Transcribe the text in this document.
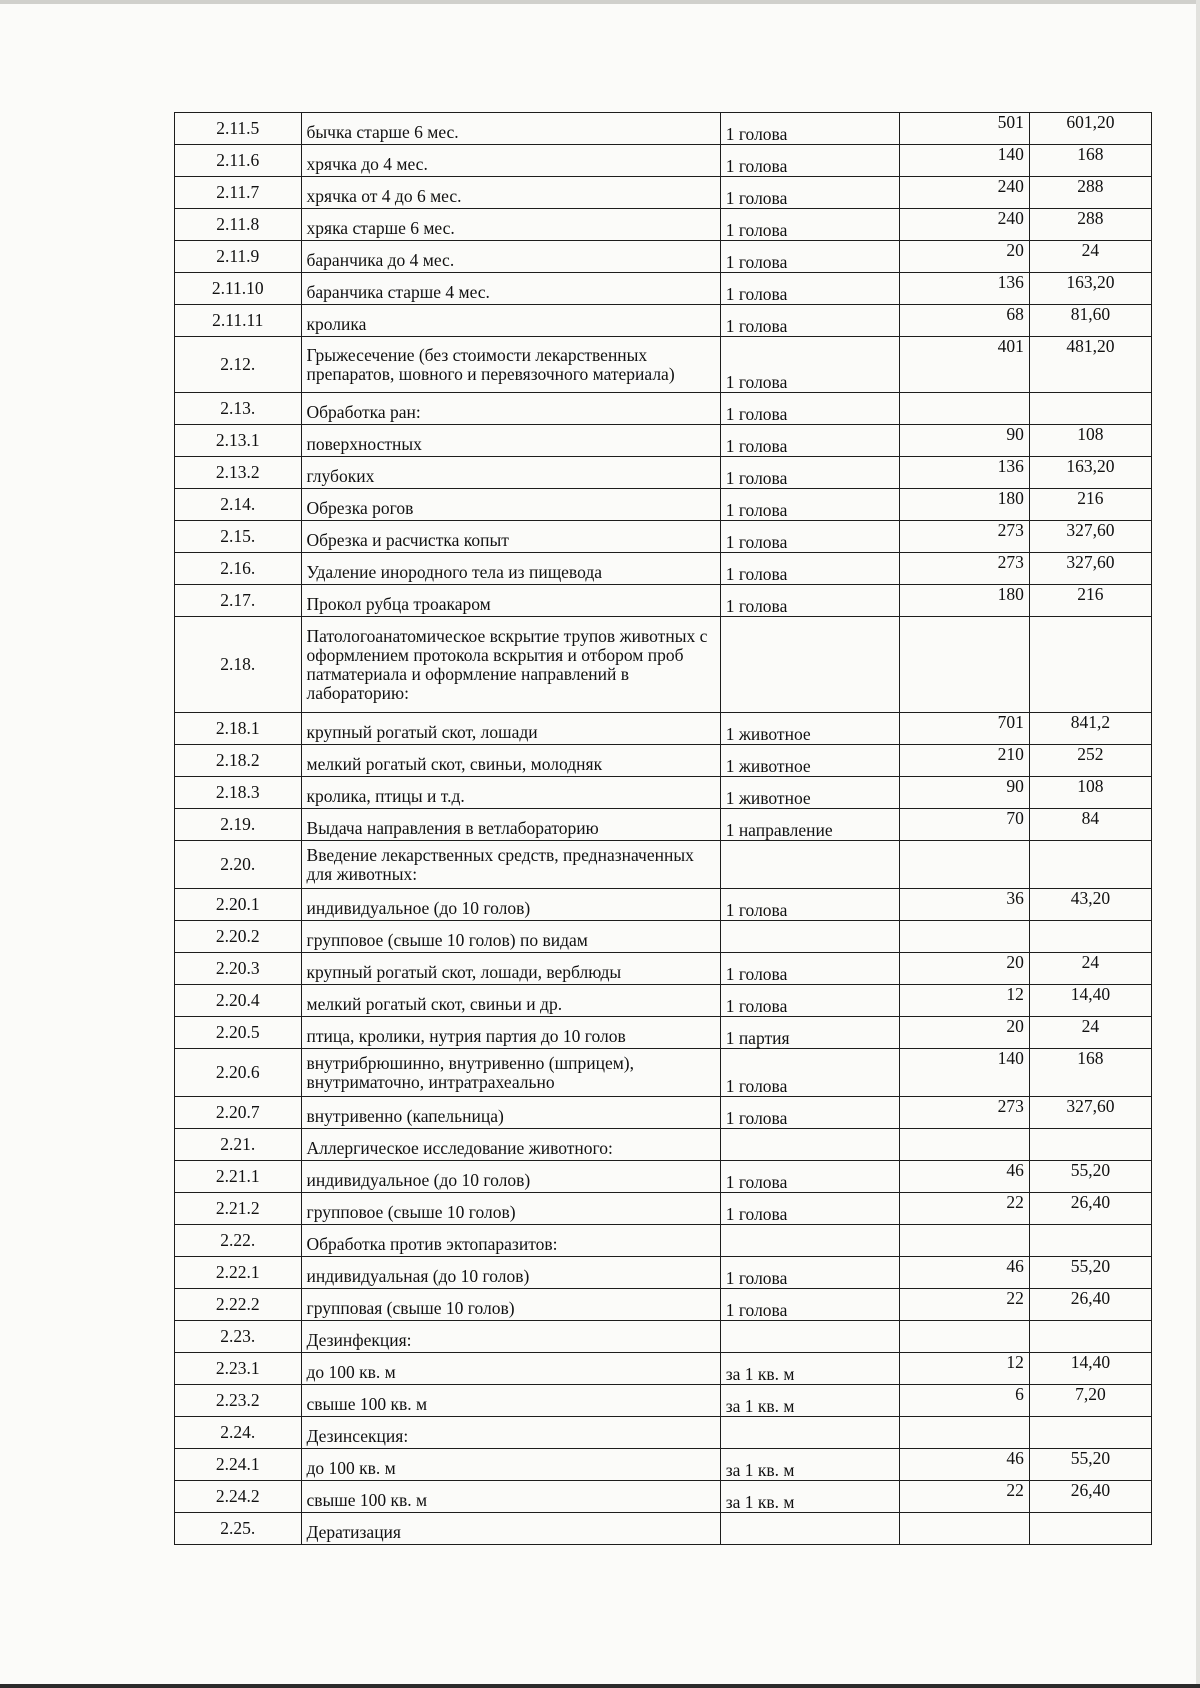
2.11.5	бычка старше 6 мес.	1 голова	501	601,20
2.11.6	хрячка до 4 мес.	1 голова	140	168
2.11.7	хрячка от 4 до 6 мес.	1 голова	240	288
2.11.8	хряка старше 6 мес.	1 голова	240	288
2.11.9	баранчика до 4 мес.	1 голова	20	24
2.11.10	баранчика старше 4 мес.	1 голова	136	163,20
2.11.11	кролика	1 голова	68	81,60
2.12.	Грыжесечение (без стоимости лекарственных препаратов, шовного и перевязочного материала)	1 голова	401	481,20
2.13.	Обработка ран:	1 голова		
2.13.1	поверхностных	1 голова	90	108
2.13.2	глубоких	1 голова	136	163,20
2.14.	Обрезка рогов	1 голова	180	216
2.15.	Обрезка и расчистка копыт	1 голова	273	327,60
2.16.	Удаление инородного тела из пищевода	1 голова	273	327,60
2.17.	Прокол рубца троакаром	1 голова	180	216
2.18.	Патологоанатомическое вскрытие трупов животных с оформлением протокола вскрытия и отбором проб патматериала и оформление направлений в лабораторию:			

2.18.1	крупный рогатый скот, лошади	1 животное	701	841,2
2.18.2	мелкий рогатый скот, свиньи, молодняк	1 животное	210	252
2.18.3	кролика, птицы и т.д.	1 животное	90	108
2.19.	Выдача направления в ветлабораторию	1 направление	70	84
2.20.	Введение лекарственных средств, предназначенных для животных:			

2.20.1	индивидуальное (до 10 голов)	1 голова	36	43,20
2.20.2	групповое (свыше 10 голов) по видам			

2.20.3	крупный рогатый скот, лошади, верблюды	1 голова	20	24
2.20.4	мелкий рогатый скот, свиньи и др.	1 голова	12	14,40
2.20.5	птица, кролики, нутрия партия до 10 голов	1 партия	20	24
2.20.6	внутрибрюшинно, внутривенно (шприцем), внутриматочно, интратрахеально	1 голова	140	168
2.20.7	внутривенно (капельница)	1 голова	273	327,60
2.21.	Аллергическое исследование животного:			

2.21.1	индивидуальное (до 10 голов)	1 голова	46	55,20
2.21.2	групповое (свыше 10 голов)	1 голова	22	26,40
2.22.	Обработка против эктопаразитов:			

2.22.1	индивидуальная (до 10 голов)	1 голова	46	55,20
2.22.2	групповая (свыше 10 голов)	1 голова	22	26,40
2.23.	Дезинфекция:			

2.23.1	до 100 кв. м	за 1 кв. м	12	14,40
2.23.2	свыше 100 кв. м	за 1 кв. м	6	7,20
2.24.	Дезинсекция:			

2.24.1	до 100 кв. м	за 1 кв. м	46	55,20
2.24.2	свыше 100 кв. м	за 1 кв. м	22	26,40
2.25.	Дератизация			
